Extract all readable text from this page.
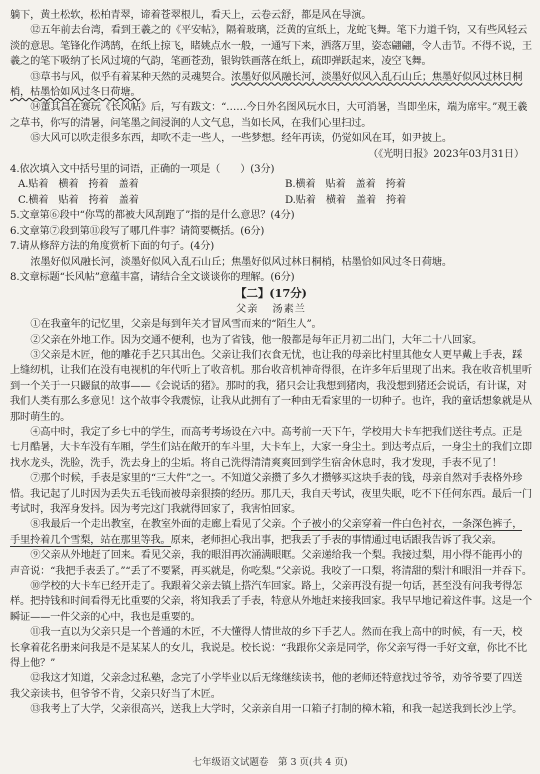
躺下，黄土松软，松柏青翠，谛着苍翠根儿，看天上，云卷云舒，都是风在导演。

⑫五年前去台湾，看到王羲之的《平安帖》，隔着玻璃，泛黄的宣纸上，龙蛇飞舞。笔下力道千钧，又有些风轻云淡的意思。笔锋化作鸿鹄，在纸上掠飞，睹姚点水一般，一通写下来，洒落万里，姿态翩翩，令人击节。不得不说，王羲之的笔下吸纳了长风过境的气韵，笔画苍劲，银钩铁画落在纸上，疏即弹跃起来，凌空飞舞。

⑬草书与风，似乎有着某种天然的灵魂契合。浓墨好似风融长河，淡墨好似风入乱石山丘；焦墨好似风过林日桐梢，枯墨恰如风过冬日荷塘。

⑭董其昌在赛玩《长风帖》后，写有跋文：“……今日外名图风玩水日，大可消暑，当即坐床，端为席牢。”观王羲之草书，你写的清暑，问笔墨之间浸润的人文气息，当如长风，在我们心里扫过。

⑮大风可以吹走很多东西，却吹不走一些人，一些梦想。经年再读，仍觉如风在耳，如尹披上。

（《光明日报》2023年03月31日）

4.依次填入文中括号里的词语，正确的一项是（　　）(3分)

A.贴着　横着　挎着　盖着	B.横着　贴着　盖着　挎着
C.横着　贴着　挎着　盖着	D.贴着　横着　盖着　挎着

5.文章第⑥段中“你骂的都被大风刮跑了”指的是什么意思？(4分)

6.文章第⑦段到第⑪段写了哪几件事？请简要概括。(6分)

7.请从修辞方法的角度赏析下面的句子。(4分)

浓墨好似风融长河，淡墨好似风入乱石山丘；焦墨好似风过林日桐梢，枯墨恰如风过冬日荷塘。

8.文章标题“长风帖”意蕴丰富，请结合全文谈谈你的理解。(6分)

【二】(17分)

父亲 汤素兰

①在我童年的记忆里，父亲是每到年关才冒风雪而来的“陌生人”。

②父亲在外地工作。因为交通不便利，也为了省钱，他一般都是每年正月初二出门，大年二十八回家。

③父亲是木匠，他的雕花手艺只其出色。父亲让我们衣食无忧，也让我的母亲比村里其他女人更早戴上手表，踩上缝纫机，让我们在没有电视机的年代听上了收音机。那台收音机神奇得很，在许多年后里现了出来。我在收音机里听到一个关于一只鼹鼠的故事——《会说话的猪》。那时的我，猪只会让我想到猪肉，我没想到猪还会说话，有计谋，对我们人类有那么多意见！这个故事令我震惊，让我从此拥有了一种由无看家里的一切种子。也许，我的童话想象就是从那时萌生的。

④高中时，我定了乡七中的学生，而高考考场设在六中。高考前一天下午，学校用大卡车把我们送往考点。正是七月酷暑，大卡车没有车厢，学生们站在敞开的车斗里，大卡车上，大家一身尘土。到达考点后，一身尘土的我们立即找水龙头，洗脸，洗手，洗去身上的尘垢。将自己洗得清清爽爽回到学生宿舍休息时，我才发现，手表不见了！

⑦那个时候，手表是家里的“三大件”之一。不知道父亲攒了多久才攒够买这块手表的钱，母亲自然对手表格外珍惜。我记起了儿时因为丢失五毛钱而被母亲狠揍的经历。那几天，我自天考试，夜里失眠，吃不下任何东西。最后一门考试时，我浑身发抖。因为考完这门我就得回家了，我害怕回家。

⑧我最后一个走出教室，在教室外面的走廊上看见了父亲。个子被小的父亲穿着一件白色衬衣，一条深色裤子，手里拎着几个雪梨，站在那里等我。原来，老师担心我出事，把我丢了手表的事情通过电话跟我告诉了我父亲。

⑨父亲从外地赶了回来。看见父亲，我的眼泪再次涌满眼眶。父亲递给我一个梨。我接过梨，用小得不能再小的声音说：“我把手表丢了。”“丢了不要紧，再买就是，你吃梨。”父亲说。我咬了一口梨，将清甜的梨汁和眼泪一并吞下。

⑩学校的大卡车已经开走了。我跟着父亲去镇上搭汽车回家。路上，父亲再没有提一句话，甚至没有问我考得怎样。把持钱和时间看得无比重要的父亲，将知我丢了手表，特意从外地赶来接我回家。我早早地记着这件事。这是一个瞬证——一件父亲的心中，我也是重要的。

⑪我一直以为父亲只是一个普通的木匠，不大懂得人情世故的乡下手艺人。然而在我上高中的时候，有一天，校长拿着花名册来问我是不是某某人的女儿，我说是。校长说：“我跟你父亲是同学，你父亲写得一手好文章，你比不比得上他？”

⑫我这才知道，父亲念过私塾，念完了小学毕业以后无缘继续读书，他的老师还特意找过爷爷，劝爷爷要了四送我父亲读书，但爷爷不肯，父亲只好当了木匠。

⑬我考上了大学，父亲很高兴，送我上大学时，父亲亲自用一口箱子打制的樟木箱，和我一起送我到长沙上学。

七年级语文试题卷　第 3 页(共 4 页)
